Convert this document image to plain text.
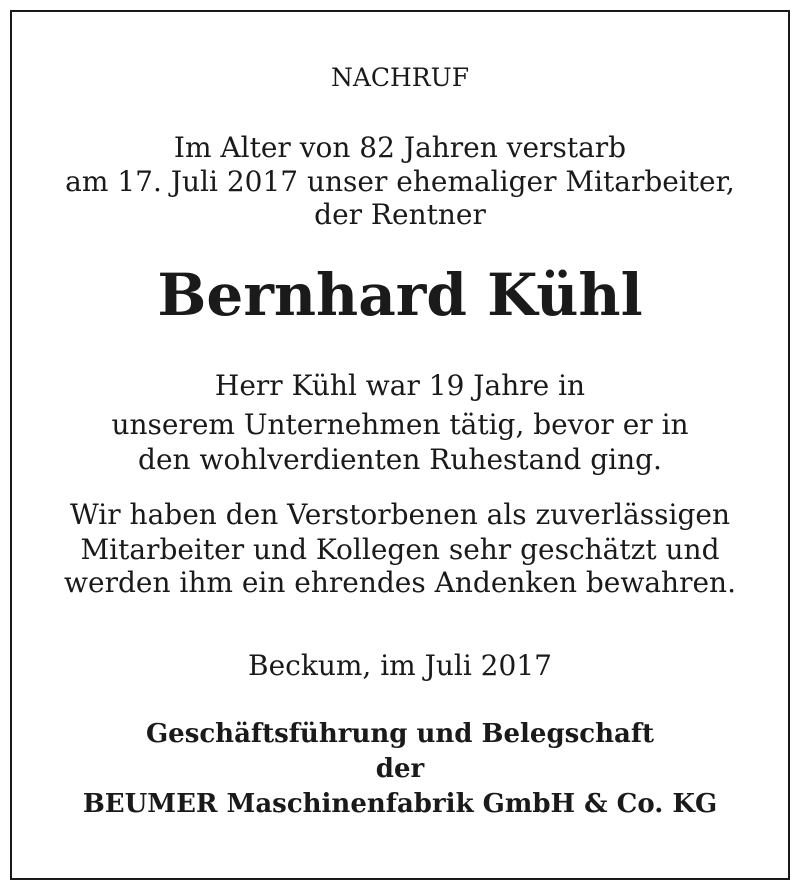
NACHRUF
Im Alter von 82 Jahren verstarb
am 17. Juli 2017 unser ehemaliger Mitarbeiter,
der Rentner
Bernhard Kühl
Herr Kühl war 19 Jahre in
unserem Unternehmen tätig, bevor er in
den wohlverdienten Ruhestand ging.
Wir haben den Verstorbenen als zuverlässigen
Mitarbeiter und Kollegen sehr geschätzt und
werden ihm ein ehrendes Andenken bewahren.
Beckum, im Juli 2017
Geschäftsführung und Belegschaft
der
BEUMER Maschinenfabrik GmbH & Co. KG
